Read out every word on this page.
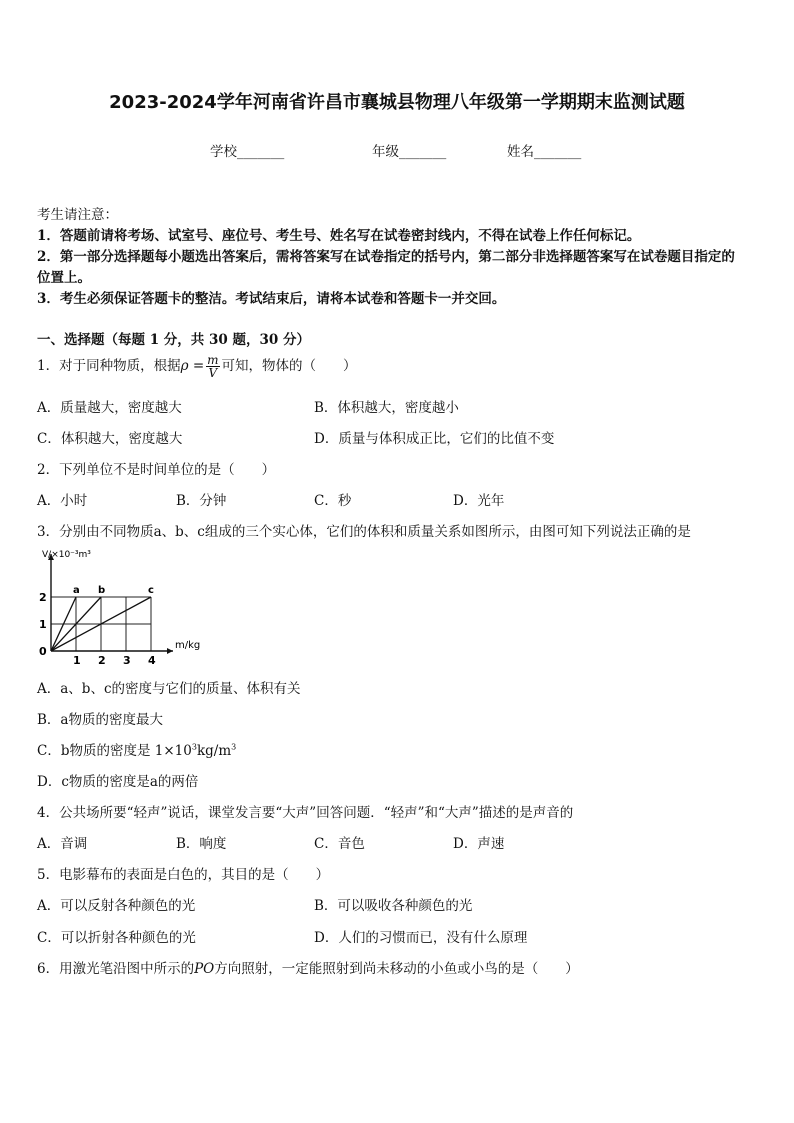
2023-2024学年河南省许昌市襄城县物理八年级第一学期期末监测试题
学校_______	年级_______	姓名_______
考生请注意：
1．答题前请将考场、试室号、座位号、考生号、姓名写在试卷密封线内，不得在试卷上作任何标记。
2．第一部分选择题每小题选出答案后，需将答案写在试卷指定的括号内，第二部分非选择题答案写在试卷题目指定的
位置上。
3．考生必须保证答题卡的整洁。考试结束后，请将本试卷和答题卡一并交回。
一、选择题（每题 1 分，共 30 题，30 分）
1．对于同种物质，根据$\rho = \frac{m}{V}$ 可知，物体的（　　）
A．质量越大，密度越大	B．体积越大，密度越小
C．体积越大，密度越大	D．质量与体积成正比，它们的比值不变
2．下列单位不是时间单位的是（　　）
A．小时	B．分钟	C．秒	D．光年
3．分别由不同物质a、b、c组成的三个实心体，它们的体积和质量关系如图所示，由图可知下列说法正确的是
V/×10⁻³m³
m/kg
1 2 3 4
1
2
0
a b	c
A．a、b、c的密度与它们的质量、体积有关
B．a物质的密度最大
C．b物质的密度是 $1\times 10^3kg/m^3$
D．c物质的密度是a的两倍
4．公共场所要“轻声”说话，课堂发言要“大声”回答问题．“轻声”和“大声”描述的是声音的
A．音调	B．响度	C．音色	D．声速
5．电影幕布的表面是白色的，其目的是（　　）
A．可以反射各种颜色的光	B．可以吸收各种颜色的光
C．可以折射各种颜色的光	D．人们的习惯而已，没有什么原理
6．用激光笔沿图中所示的PO方向照射，一定能照射到尚未移动的小鱼或小鸟的是（　　）
